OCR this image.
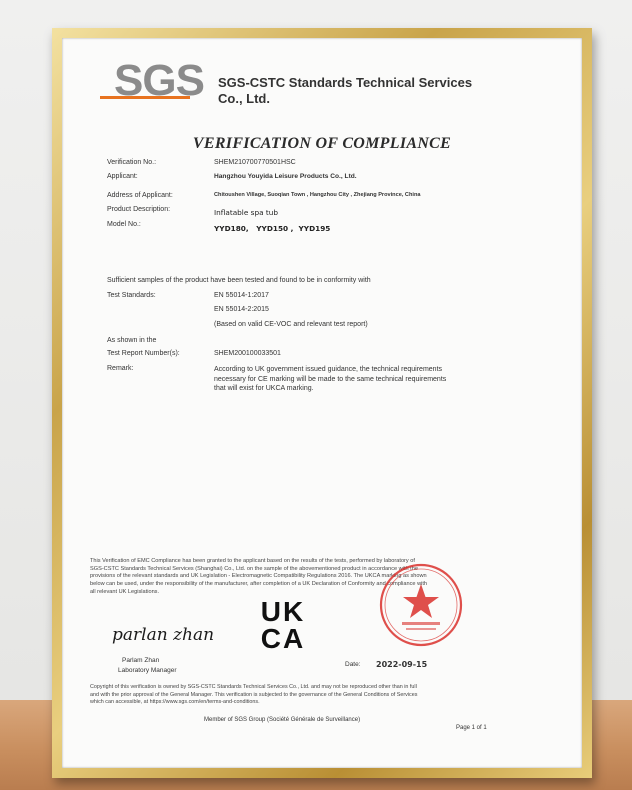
SGS SGS-CSTC Standards Technical Services
Co., Ltd.
VERIFICATION OF COMPLIANCE
Verification No.:	SHEM210700770501HSC
Applicant:	Hangzhou Youyida Leisure Products Co., Ltd.
Address of Applicant:	Chitoushen Village, Suoqian Town , Hangzhou City , Zhejiang Province, China
Product Description:	Inflatable spa tub
Model No.:	YYD180,   YYD150 ,  YYD195
Sufficient samples of the product have been tested and found to be in conformity with
Test Standards:	EN 55014-1:2017
EN 55014-2:2015
(Based on valid CE-VOC and relevant test report)
As shown in the
Test Report Number(s):	SHEM200100033501
Remark:	According to UK government issued guidance, the technical requirements
necessary for CE marking will be made to the same technical requirements
that will exist for UKCA marking.
This Verification of EMC Compliance has been granted to the applicant based on the results of the tests, performed by laboratory of
SGS-CSTC Standards Technical Services (Shanghai) Co., Ltd. on the sample of the abovementioned product in accordance with the
provisions of the relevant standards and UK Legislation - Electromagnetic Compatibility Regulations 2016. The UKCA marking as shown
below can be used, under the responsibility of the manufacturer, after completion of a UK Declaration of Conformity and compliance with
all relevant UK Legislations.
UK
CA
parlan zhan
Parlam Zhan
Laboratory Manager
Date: 2022-09-15
Copyright of this verification is owned by SGS-CSTC Standards Technical Services Co., Ltd. and may not be reproduced other than in full
and with the prior approval of the General Manager. This verification is subjected to the governance of the General Conditions of Services
which can accessible, at https://www.sgs.com/en/terms-and-conditions.
Member of SGS Group (Société Générale de Surveillance)
Page 1 of 1
